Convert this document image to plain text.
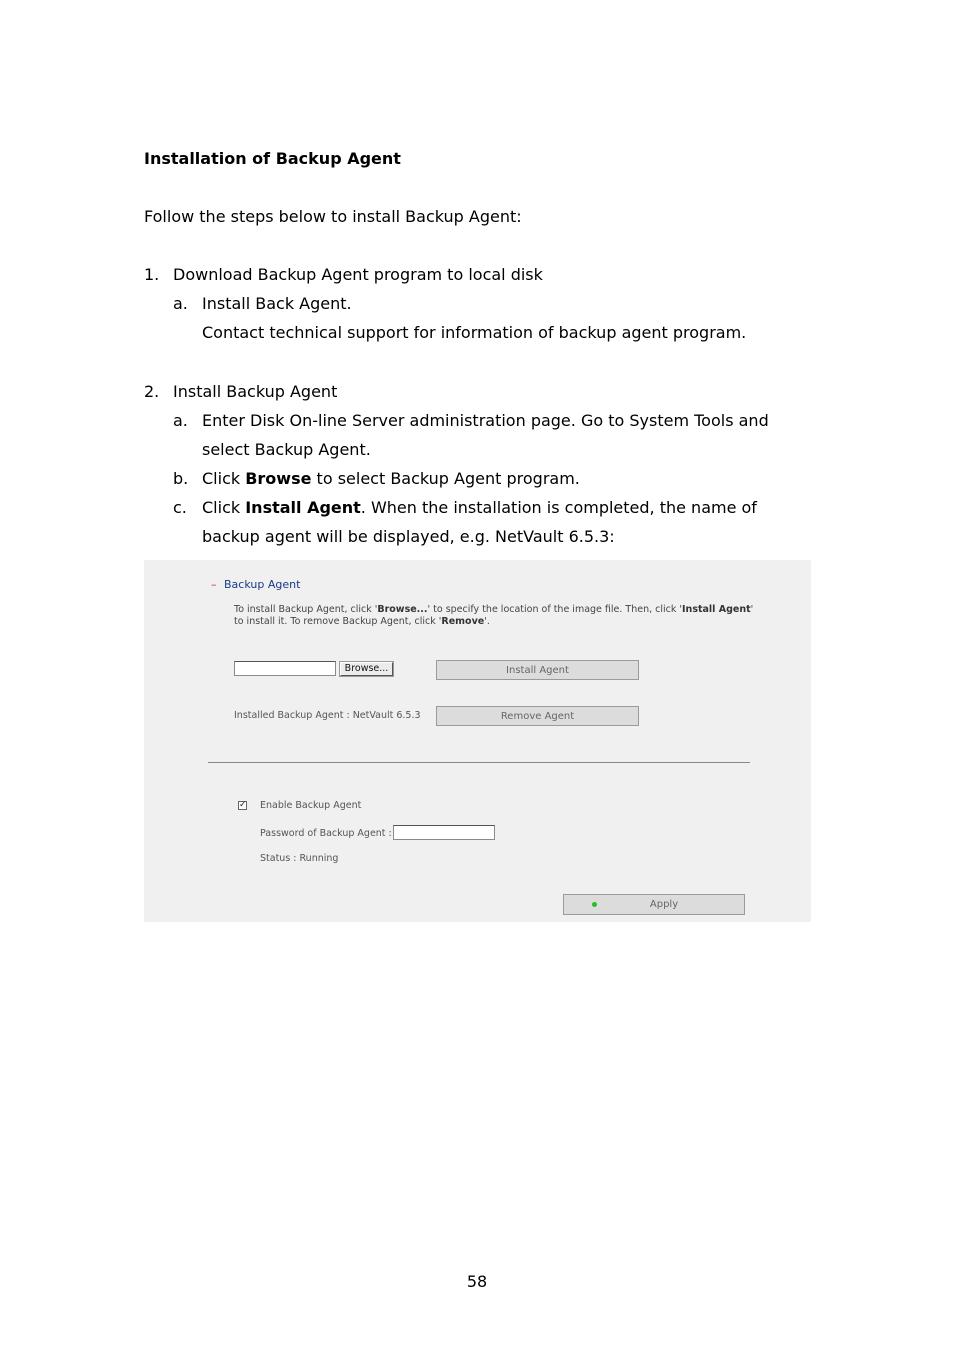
Installation of Backup Agent
Follow the steps below to install Backup Agent:
1. Download Backup Agent program to local disk
a. Install Back Agent.
Contact technical support for information of backup agent program.
2. Install Backup Agent
a. Enter Disk On-line Server administration page. Go to System Tools and
select Backup Agent.
b. Click Browse to select Backup Agent program.
c. Click Install Agent. When the installation is completed, the name of
backup agent will be displayed, e.g. NetVault 6.5.3:
– Backup Agent
To install Backup Agent, click 'Browse...' to specify the location of the image file. Then, click 'Install Agent'
to install it. To remove Backup Agent, click 'Remove'.
Browse...	Install Agent
Installed Backup Agent : NetVault 6.5.3	Remove Agent
✓ Enable Backup Agent
Password of Backup Agent :
Status : Running
Apply
58
